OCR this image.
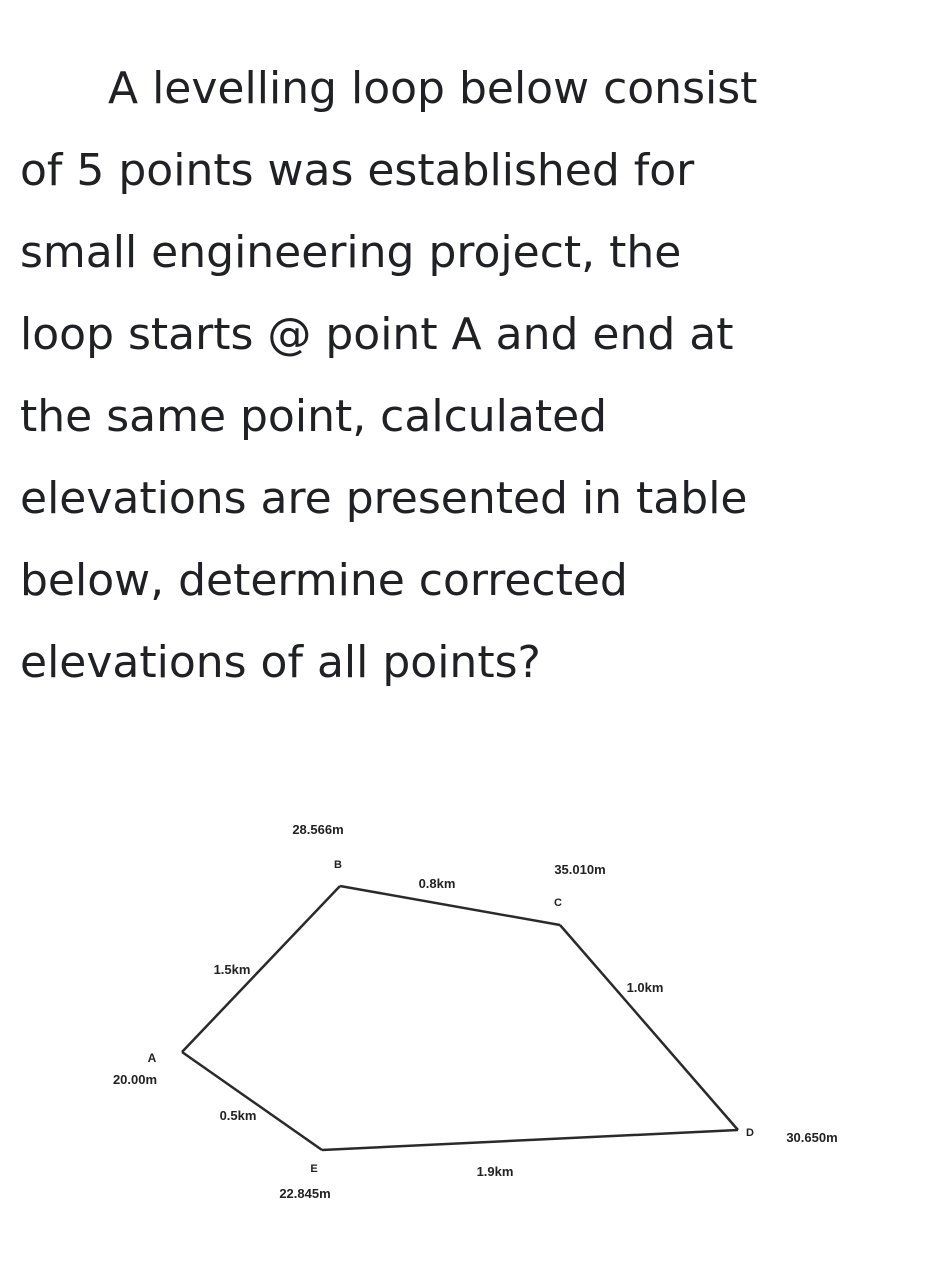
A levelling loop below consist
of 5 points was established for
small engineering project, the
loop starts @ point A and end at
the same point, calculated
elevations are presented in table
below, determine corrected
elevations of all points?
A
20.00m
28.566m
B	35.010m
C
D 30.650m
E
22.845m
1.5km
0.8km
1.0km
1.9km
0.5km
